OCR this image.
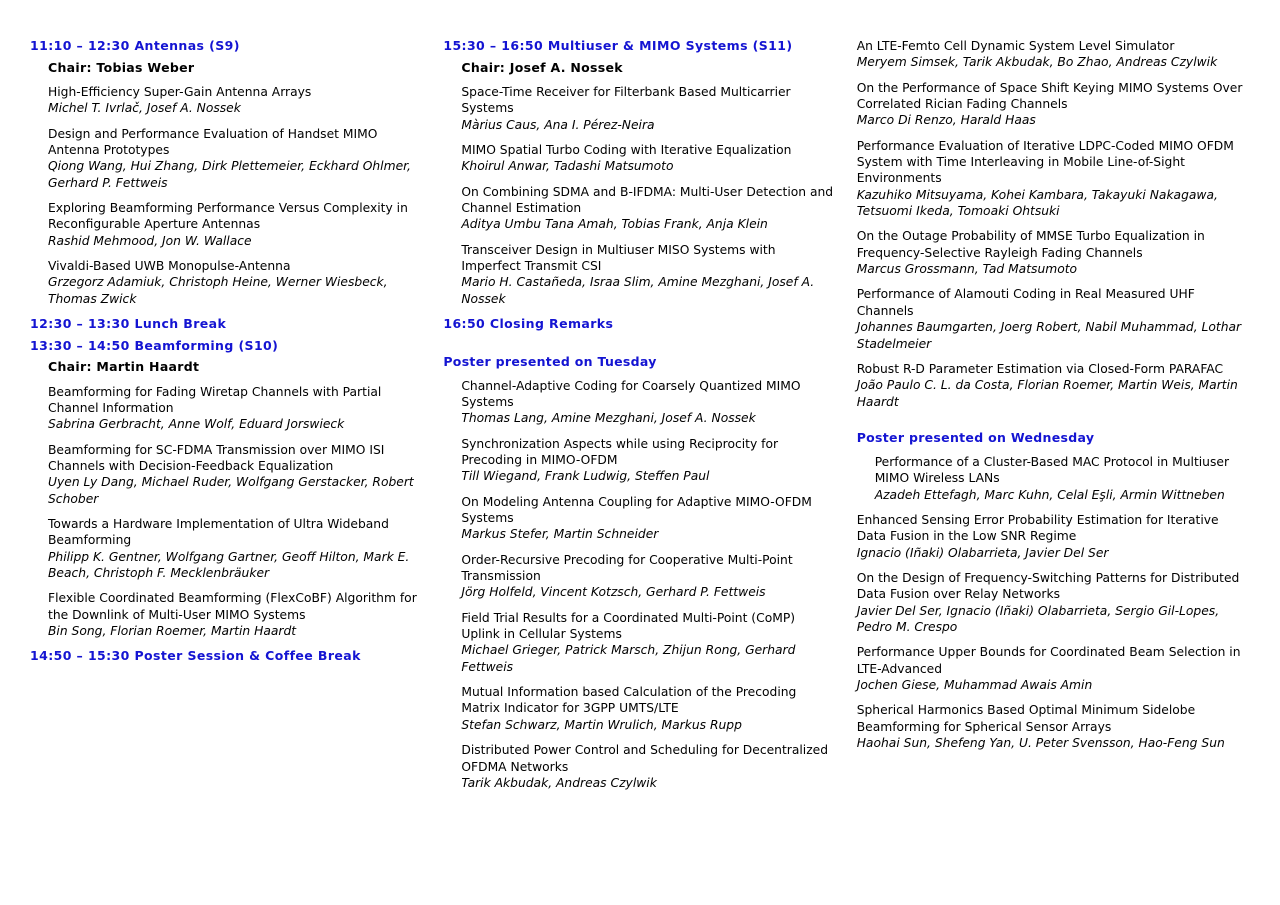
11:10 – 12:30 Antennas (S9)
Chair: Tobias Weber
High-Efficiency Super-Gain Antenna Arrays
Michel T. Ivrlač, Josef A. Nossek
Design and Performance Evaluation of Handset MIMO Antenna Prototypes
Qiong Wang, Hui Zhang, Dirk Plettemeier, Eckhard Ohlmer, Gerhard P. Fettweis
Exploring Beamforming Performance Versus Complexity in Reconfigurable Aperture Antennas
Rashid Mehmood, Jon W. Wallace
Vivaldi-Based UWB Monopulse-Antenna
Grzegorz Adamiuk, Christoph Heine, Werner Wiesbeck, Thomas Zwick
12:30 – 13:30 Lunch Break
13:30 – 14:50 Beamforming (S10)
Chair: Martin Haardt
Beamforming for Fading Wiretap Channels with Partial Channel Information
Sabrina Gerbracht, Anne Wolf, Eduard Jorswieck
Beamforming for SC-FDMA Transmission over MIMO ISI Channels with Decision-Feedback Equalization
Uyen Ly Dang, Michael Ruder, Wolfgang Gerstacker, Robert Schober
Towards a Hardware Implementation of Ultra Wideband Beamforming
Philipp K. Gentner, Wolfgang Gartner, Geoff Hilton, Mark E. Beach, Christoph F. Mecklenbräuker
Flexible Coordinated Beamforming (FlexCoBF) Algorithm for the Downlink of Multi-User MIMO Systems
Bin Song, Florian Roemer, Martin Haardt
14:50 – 15:30 Poster Session & Coffee Break
15:30 – 16:50 Multiuser & MIMO Systems (S11)
Chair: Josef A. Nossek
Space-Time Receiver for Filterbank Based Multicarrier Systems
Màrius Caus, Ana I. Pérez-Neira
MIMO Spatial Turbo Coding with Iterative Equalization
Khoirul Anwar, Tadashi Matsumoto
On Combining SDMA and B-IFDMA: Multi-User Detection and Channel Estimation
Aditya Umbu Tana Amah, Tobias Frank, Anja Klein
Transceiver Design in Multiuser MISO Systems with Imperfect Transmit CSI
Mario H. Castañeda, Israa Slim, Amine Mezghani, Josef A. Nossek
16:50 Closing Remarks
Poster presented on Tuesday
Channel-Adaptive Coding for Coarsely Quantized MIMO Systems
Thomas Lang, Amine Mezghani, Josef A. Nossek
Synchronization Aspects while using Reciprocity for Precoding in MIMO-OFDM
Till Wiegand, Frank Ludwig, Steffen Paul
On Modeling Antenna Coupling for Adaptive MIMO-OFDM Systems
Markus Stefer, Martin Schneider
Order-Recursive Precoding for Cooperative Multi-Point Transmission
Jörg Holfeld, Vincent Kotzsch, Gerhard P. Fettweis
Field Trial Results for a Coordinated Multi-Point (CoMP) Uplink in Cellular Systems
Michael Grieger, Patrick Marsch, Zhijun Rong, Gerhard Fettweis
Mutual Information based Calculation of the Precoding Matrix Indicator for 3GPP UMTS/LTE
Stefan Schwarz, Martin Wrulich, Markus Rupp
Distributed Power Control and Scheduling for Decentralized OFDMA Networks
Tarik Akbudak, Andreas Czylwik
An LTE-Femto Cell Dynamic System Level Simulator
Meryem Simsek, Tarik Akbudak, Bo Zhao, Andreas Czylwik
On the Performance of Space Shift Keying MIMO Systems Over Correlated Rician Fading Channels
Marco Di Renzo, Harald Haas
Performance Evaluation of Iterative LDPC-Coded MIMO OFDM System with Time Interleaving in Mobile Line-of-Sight Environments
Kazuhiko Mitsuyama, Kohei Kambara, Takayuki Nakagawa, Tetsuomi Ikeda, Tomoaki Ohtsuki
On the Outage Probability of MMSE Turbo Equalization in Frequency-Selective Rayleigh Fading Channels
Marcus Grossmann, Tad Matsumoto
Performance of Alamouti Coding in Real Measured UHF Channels
Johannes Baumgarten, Joerg Robert, Nabil Muhammad, Lothar Stadelmeier
Robust R-D Parameter Estimation via Closed-Form PARAFAC
João Paulo C. L. da Costa, Florian Roemer, Martin Weis, Martin Haardt
Poster presented on Wednesday
Performance of a Cluster-Based MAC Protocol in Multiuser MIMO Wireless LANs
Azadeh Ettefagh, Marc Kuhn, Celal Eşli, Armin Wittneben
Enhanced Sensing Error Probability Estimation for Iterative Data Fusion in the Low SNR Regime
Ignacio (Iñaki) Olabarrieta, Javier Del Ser
On the Design of Frequency-Switching Patterns for Distributed Data Fusion over Relay Networks
Javier Del Ser, Ignacio (Iñaki) Olabarrieta, Sergio Gil-Lopes, Pedro M. Crespo
Performance Upper Bounds for Coordinated Beam Selection in LTE-Advanced
Jochen Giese, Muhammad Awais Amin
Spherical Harmonics Based Optimal Minimum Sidelobe Beamforming for Spherical Sensor Arrays
Haohai Sun, Shefeng Yan, U. Peter Svensson, Hao-Feng Sun
